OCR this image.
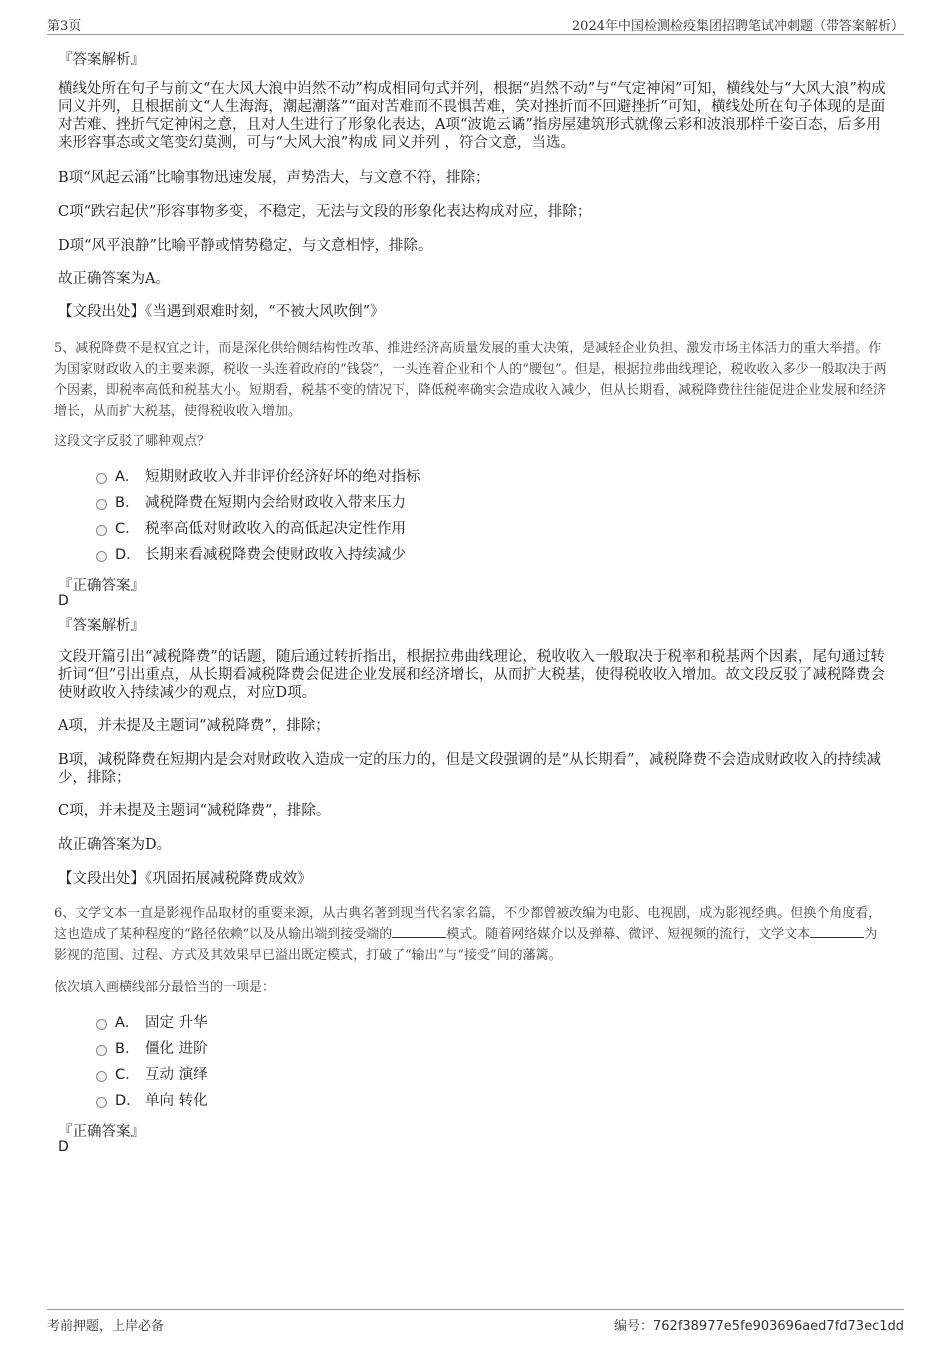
第3页	2024年中国检测检疫集团招聘笔试冲刺题（带答案解析）
『答案解析』
横线处所在句子与前文“在大风大浪中岿然不动”构成相同句式并列，根据“岿然不动”与“气定神闲”可知，横线处与“大风大浪”构成同义并列，且根据前文“人生海海，潮起潮落”“面对苦难而不畏惧苦难，笑对挫折而不回避挫折”可知，横线处所在句子体现的是面对苦难、挫折气定神闲之意，且对人生进行了形象化表达，A项“波诡云谲”指房屋建筑形式就像云彩和波浪那样千姿百态，后多用来形容事态或文笔变幻莫测，可与“大风大浪”构成 同义并列 ，符合文意，当选。
B项“风起云涌”比喻事物迅速发展，声势浩大，与文意不符，排除；
C项“跌宕起伏”形容事物多变，不稳定，无法与文段的形象化表达构成对应，排除；
D项“风平浪静”比喻平静或情势稳定，与文意相悖，排除。
故正确答案为A。
【文段出处】《当遇到艰难时刻，“不被大风吹倒”》
5、减税降费不是权宜之计，而是深化供给侧结构性改革、推进经济高质量发展的重大决策，是减轻企业负担、激发市场主体活力的重大举措。作为国家财政收入的主要来源，税收一头连着政府的“钱袋”，一头连着企业和个人的“腰包”。但是，根据拉弗曲线理论，税收收入多少一般取决于两个因素，即税率高低和税基大小。短期看，税基不变的情况下，降低税率确实会造成收入减少，但从长期看，减税降费往往能促进企业发展和经济增长，从而扩大税基，使得税收收入增加。
这段文字反驳了哪种观点？
A． 短期财政收入并非评价经济好坏的绝对指标
B． 减税降费在短期内会给财政收入带来压力
C． 税率高低对财政收入的高低起决定性作用
D． 长期来看减税降费会使财政收入持续减少
『正确答案』
D
『答案解析』
文段开篇引出“减税降费”的话题，随后通过转折指出，根据拉弗曲线理论，税收收入一般取决于税率和税基两个因素，尾句通过转折词“但”引出重点，从长期看减税降费会促进企业发展和经济增长，从而扩大税基，使得税收收入增加。故文段反驳了减税降费会使财政收入持续减少的观点，对应D项。
A项，并未提及主题词“减税降费”，排除；
B项，减税降费在短期内是会对财政收入造成一定的压力的，但是文段强调的是“从长期看”，减税降费不会造成财政收入的持续减少，排除；
C项，并未提及主题词“减税降费”，排除。
故正确答案为D。
【文段出处】《巩固拓展减税降费成效》
6、文学文本一直是影视作品取材的重要来源，从古典名著到现当代名家名篇，不少都曾被改编为电影、电视剧，成为影视经典。但换个角度看，这也造成了某种程度的“路径依赖”以及从输出端到接受端的	模式。随着网络媒介以及弹幕、微评、短视频的流行，文学文本	为影视的范围、过程、方式及其效果早已溢出既定模式，打破了“输出”与“接受”间的藩篱。
依次填入画横线部分最恰当的一项是：
A． 固定 升华
B． 僵化 进阶
C． 互动 演绎
D． 单向 转化
『正确答案』
D
考前押题，上岸必备	编号：762f38977e5fe903696aed7fd73ec1dd
